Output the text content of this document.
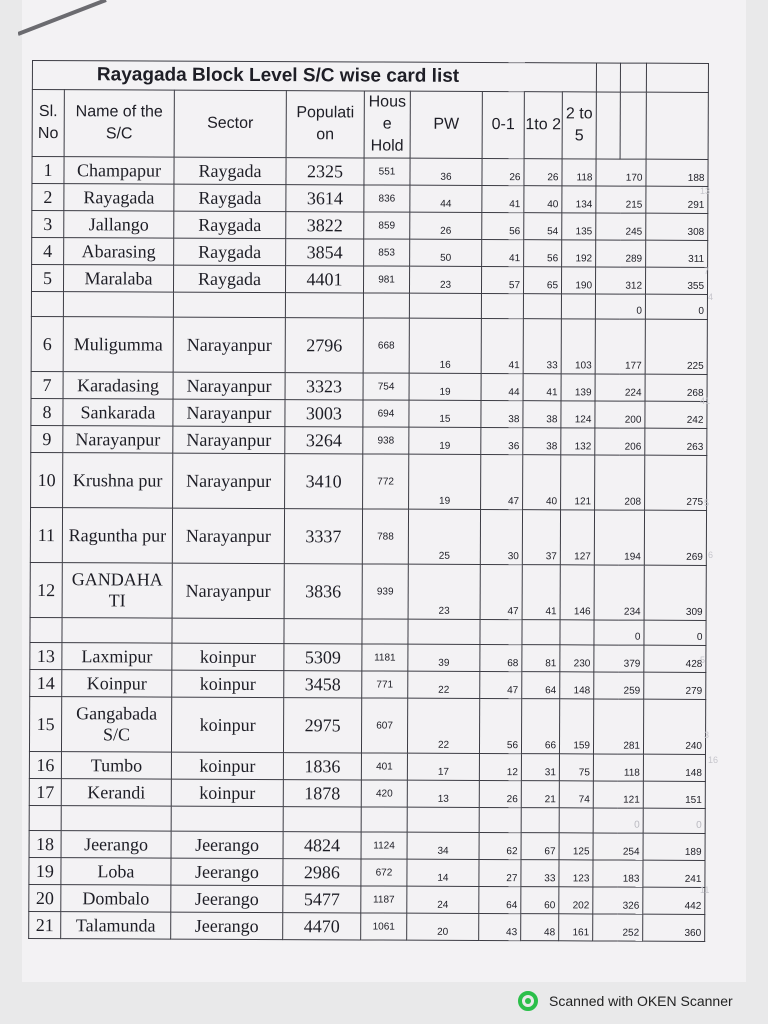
Rayagada Block Level S/C wise card list											
Sl. No	Name of the S/C	Sector	Populati on	Hous e Hold	PW	0-1	1to 2	2 to 5			
1	Champapur	Raygada	2325	551	36	26	26	118	170		188
2	Rayagada	Raygada	3614	836	44	41	40	134	215		291
3	Jallango	Raygada	3822	859	26	56	54	135	245		308
4	Abarasing	Raygada	3854	853	50	41	56	192	289		311
5	Maralaba	Raygada	4401	981	23	57	65	190	312		355
									0		0
6	Muligumma	Narayanpur	2796	668	16	41	33	103	177		225
7	Karadasing	Narayanpur	3323	754	19	44	41	139	224		268
8	Sankarada	Narayanpur	3003	694	15	38	38	124	200		242
9	Narayanpur	Narayanpur	3264	938	19	36	38	132	206		263
10	Krushna pur	Narayanpur	3410	772	19	47	40	121	208		275
11	Raguntha pur	Narayanpur	3337	788	25	30	37	127	194		269
12	GANDAHA TI	Narayanpur	3836	939	23	47	41	146	234		309
									0		0
13	Laxmipur	koinpur	5309	1181	39	68	81	230	379		428
14	Koinpur	koinpur	3458	771	22	47	64	148	259		279
15	Gangabada S/C	koinpur	2975	607	22	56	66	159	281		240
16	Tumbo	koinpur	1836	401	17	12	31	75	118		148
17	Kerandi	koinpur	1878	420	13	26	21	74	121		151
									0		0
18	Jeerango	Jeerango	4824	1124	34	62	67	125	254		189
19	Loba	Jeerango	2986	672	14	27	33	123	183		241
20	Dombalo	Jeerango	5477	1187	24	64	60	202	326		442
21	Talamunda	Jeerango	4470	1061	20	43	48	161	252		360
13
7
4
41
5
6
5
3
16
11
Scanned with OKEN Scanner
